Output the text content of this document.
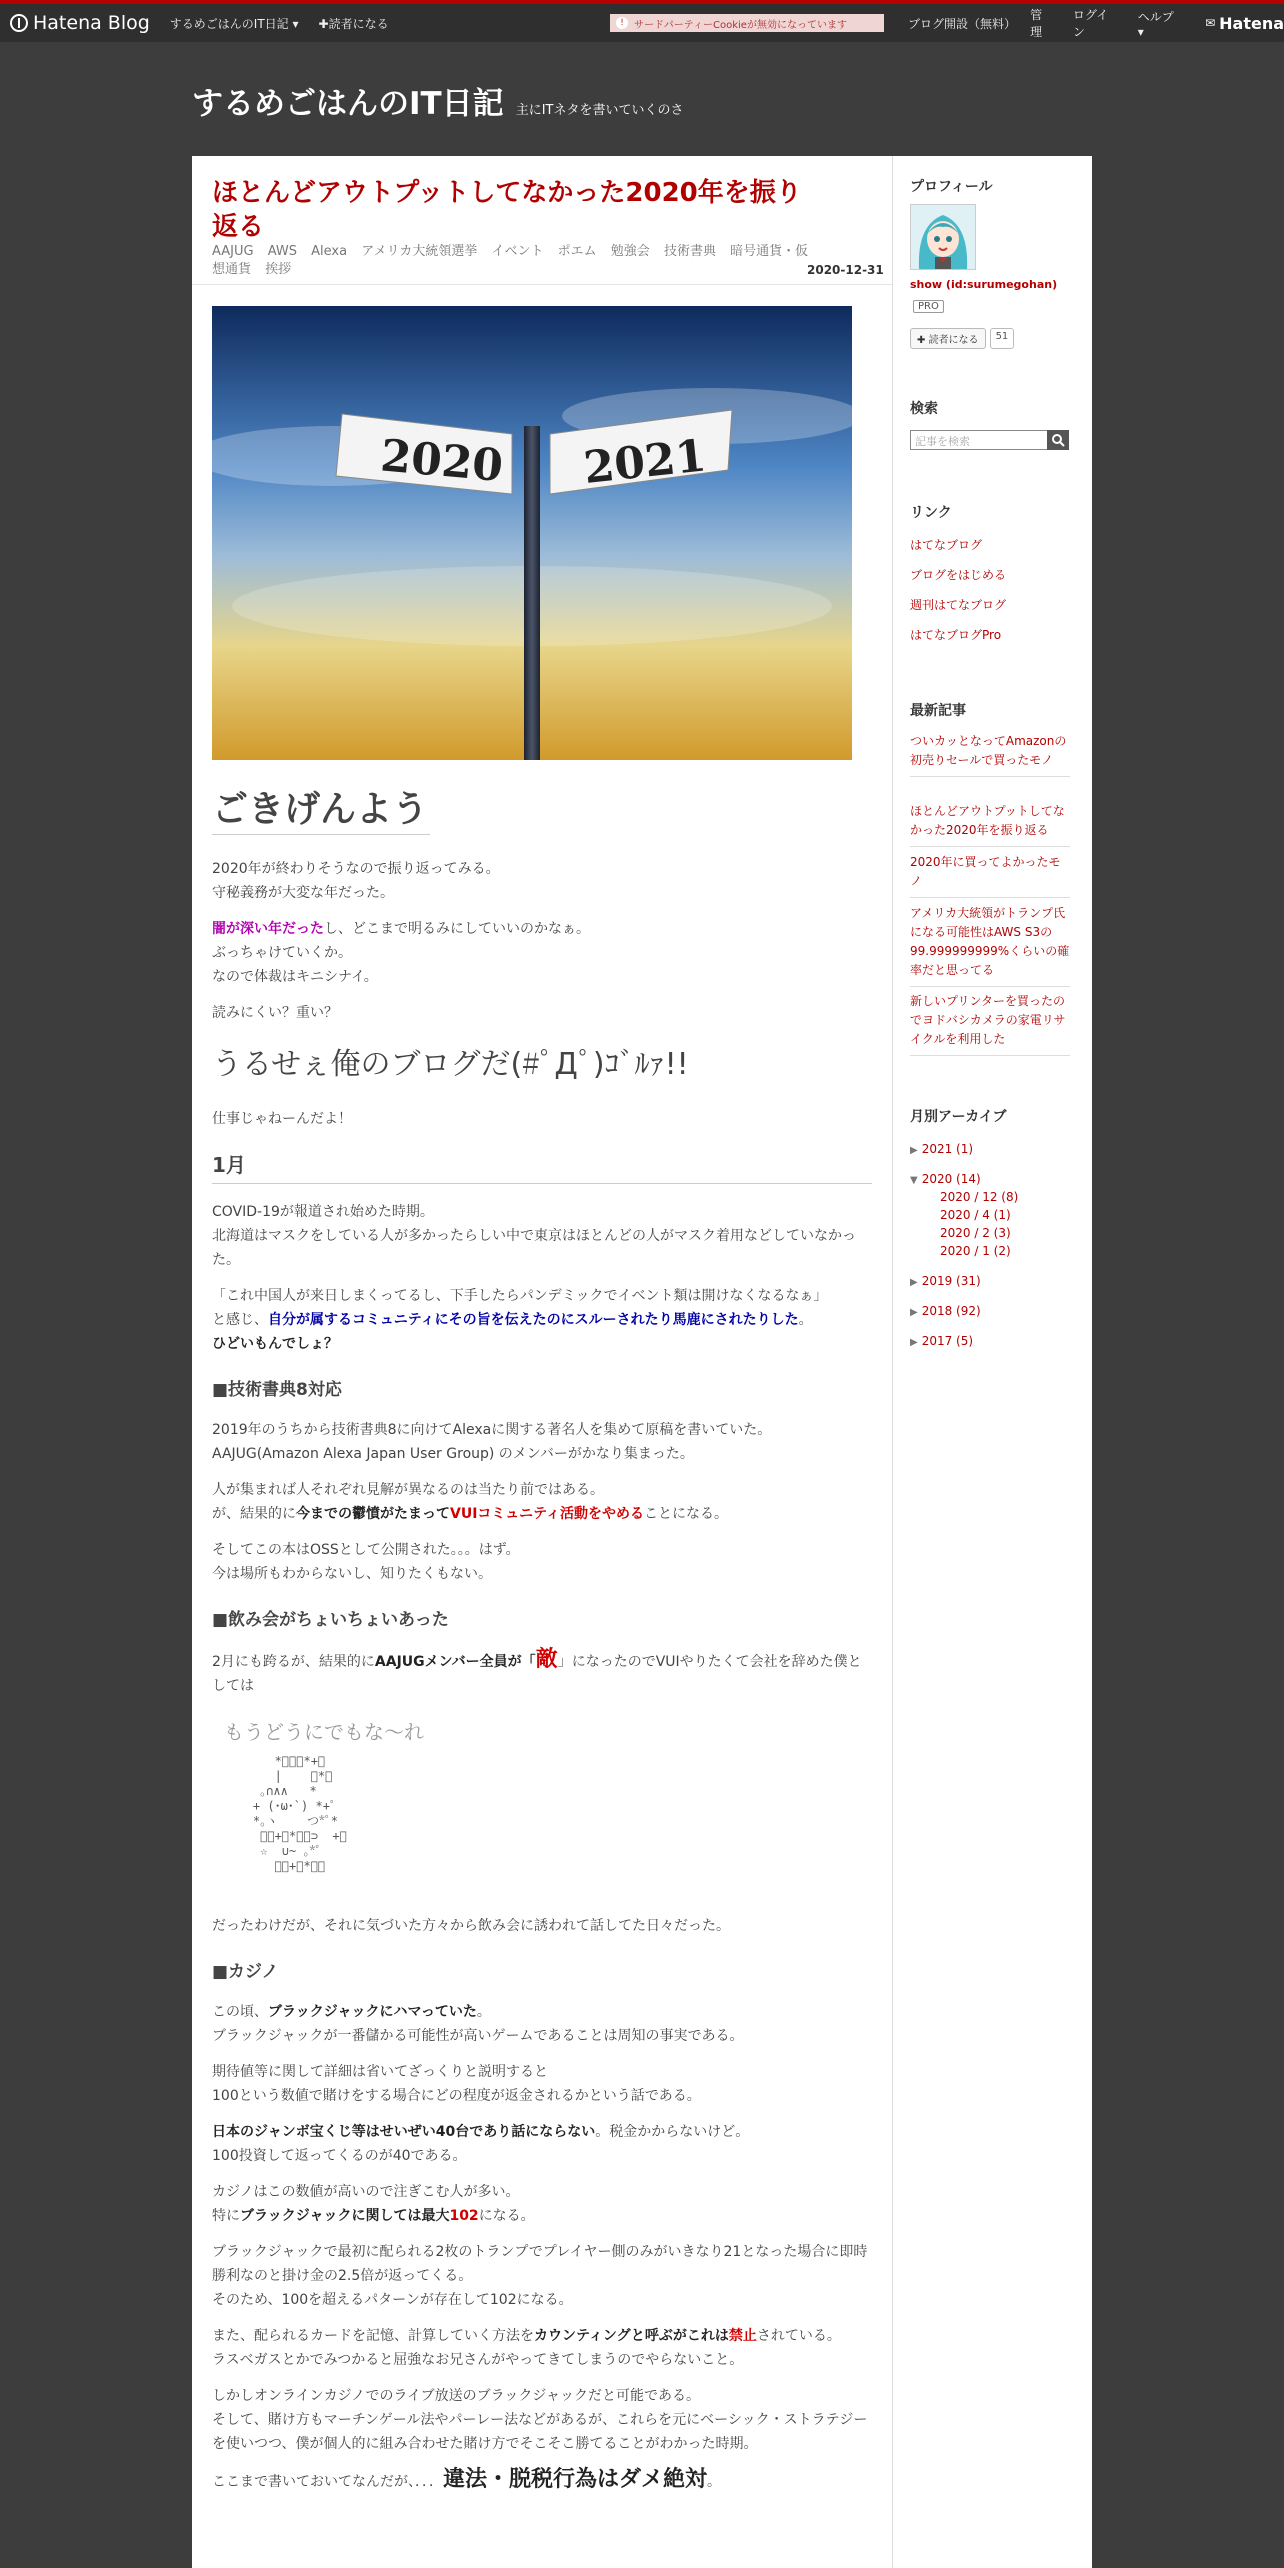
Hatena Blog するめごはんのIT日記 ▾ ✚読者になる	!	サードパーティーCookieが無効になっています	ブログ開設（無料）
管理
ログイン
ヘルプ ▾
✉ Hatena
するめごはんのIT日記 主にITネタを書いていくのさ
ほとんどアウトプットしてなかった2020年を振り返る
AAJUG AWS Alexa アメリカ大統領選挙 イベント ポエム 勉強会 技術書典 暗号通貨・仮想通貨 挨拶	2020-12-31
2020 2021
ごきげんよう

2020年が終わりそうなので振り返ってみる。
守秘義務が大変な年だった。

闇が深い年だったし、どこまで明るみにしていいのかなぁ。
ぶっちゃけていくか。
なので体裁はキニシナイ。

読みにくい？重い？

うるせぇ俺のブログだ(#ﾟДﾟ)ｺﾞﾙｧ!!

仕事じゃねーんだよ！

1月

COVID-19が報道され始めた時期。
北海道はマスクをしている人が多かったらしい中で東京はほとんどの人がマスク着用などしていなかった。

「これ中国人が来日しまくってるし、下手したらパンデミックでイベント類は開けなくなるなぁ」
と感じ、自分が属するコミュニティにその旨を伝えたのにスルーされたり馬鹿にされたりした。
ひどいもんでしょ？

■技術書典8対応

2019年のうちから技術書典8に向けてAlexaに関する著名人を集めて原稿を書いていた。
AAJUG(Amazon Alexa Japan User Group) のメンバーがかなり集まった。

人が集まれば人それぞれ見解が異なるのは当たり前ではある。
が、結果的に今までの鬱憤がたまってVUIコミュニティ活動をやめることになる。

そしてこの本はOSSとして公開された。。。はず。
今は場所もわからないし、知りたくもない。

■飲み会がちょいちょいあった

2月にも跨るが、結果的にAAJUGメンバー全員が「敵」になったのでVUIやりたくて会社を辞めた僕としては

もうどうにでもな～れ
*ﾟﾟ･*+｡
|    ﾟ*｡
｡∩∧∧   *
+ (･ω･`) *+ﾟ
*｡ヽ    つ*ﾟ*
ﾟ･+｡*･ﾟ⊃  +ﾟ
☆  ∪~ ｡*ﾟ
ﾟ･+｡*･ﾟ

だったわけだが、それに気づいた方々から飲み会に誘われて話してた日々だった。

■カジノ

この頃、ブラックジャックにハマっていた。
ブラックジャックが一番儲かる可能性が高いゲームであることは周知の事実である。

期待値等に関して詳細は省いてざっくりと説明すると
100という数値で賭けをする場合にどの程度が返金されるかという話である。

日本のジャンボ宝くじ等はせいぜい40台であり話にならない。税金かからないけど。
100投資して返ってくるのが40である。

カジノはこの数値が高いので注ぎこむ人が多い。
特にブラックジャックに関しては最大102になる。

ブラックジャックで最初に配られる2枚のトランプでプレイヤー側のみがいきなり21となった場合に即時勝利なのと掛け金の2.5倍が返ってくる。
そのため、100を超えるパターンが存在して102になる。

また、配られるカードを記憶、計算していく方法をカウンティングと呼ぶがこれは禁止されている。
ラスベガスとかでみつかると屈強なお兄さんがやってきてしまうのでやらないこと。

しかしオンラインカジノでのライブ放送のブラックジャックだと可能である。
そして、賭け方もマーチンゲール法やパーレー法などがあるが、これらを元にベーシック・ストラテジーを使いつつ、僕が個人的に組み合わせた賭け方でそこそこ勝てることがわかった時期。

ここまで書いておいてなんだが、．．．違法・脱税行為はダメ絶対。

プロフィール
show (id:surumegohan)
PRO
✚ 読者になる	51
検索
記事を検索
リンク
はてなブログ
ブログをはじめる
週刊はてなブログ
はてなブログPro
最新記事
ついカッとなってAmazonの初売りセールで買ったモノ
ほとんどアウトプットしてなかった2020年を振り返る
2020年に買ってよかったモノ
アメリカ大統領がトランプ氏になる可能性はAWS S3の99.999999999%くらいの確率だと思ってる
新しいプリンターを買ったのでヨドバシカメラの家電リサイクルを利用した
月別アーカイブ
▶ 2021 (1)
▼ 2020 (14)
2020 / 12 (8)
2020 / 4 (1)
2020 / 2 (3)
2020 / 1 (2)
▶ 2019 (31)
▶ 2018 (92)
▶ 2017 (5)
